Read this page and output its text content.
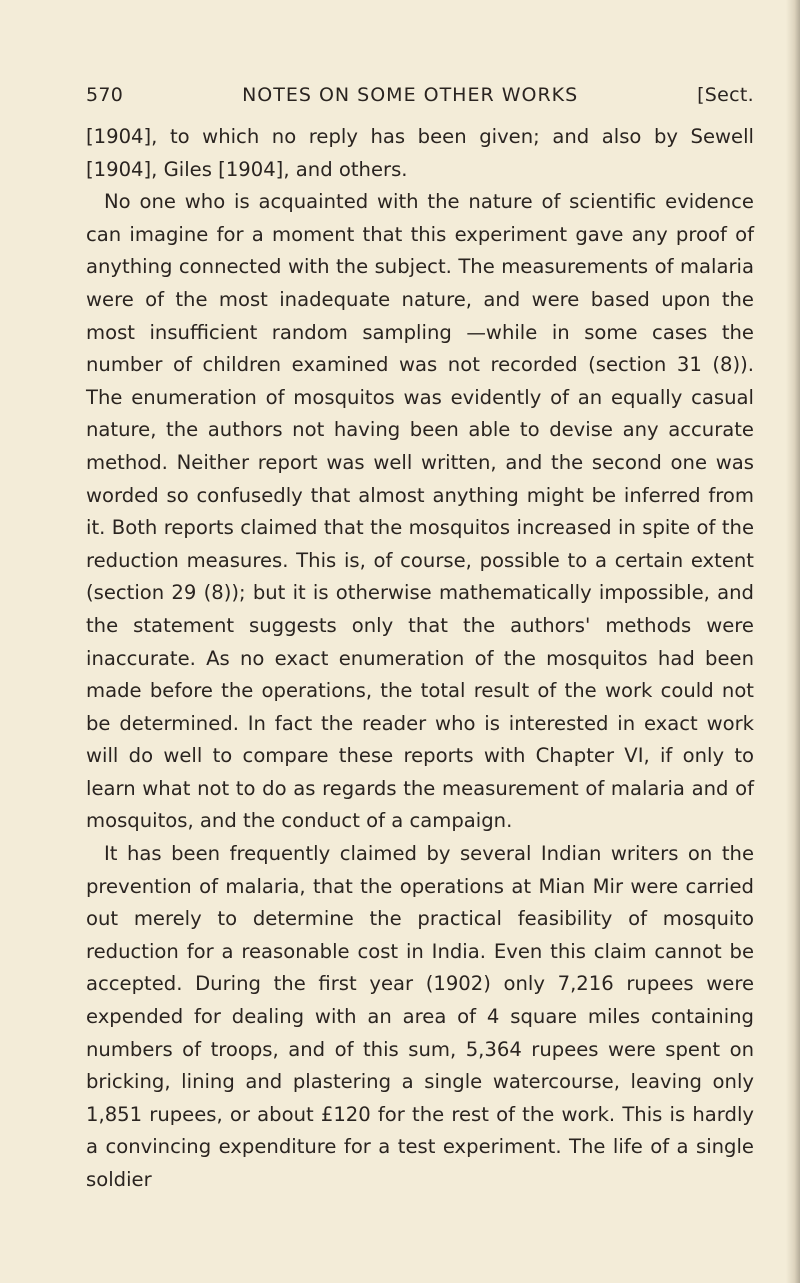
570	NOTES ON SOME OTHER WORKS	[Sect.

[1904], to which no reply has been given; and also by Sewell [1904], Giles [1904], and others.

No one who is acquainted with the nature of scientific evidence can imagine for a moment that this experiment gave any proof of anything connected with the subject. The measurements of malaria were of the most inadequate nature, and were based upon the most insufficient random sampling —while in some cases the number of children examined was not recorded (section 31 (8)). The enumeration of mosquitos was evidently of an equally casual nature, the authors not having been able to devise any accurate method. Neither report was well written, and the second one was worded so confusedly that almost anything might be inferred from it. Both reports claimed that the mosquitos increased in spite of the reduction measures. This is, of course, possible to a certain extent (section 29 (8)); but it is otherwise mathematically impossible, and the statement suggests only that the authors' methods were inaccurate. As no exact enumeration of the mosquitos had been made before the operations, the total result of the work could not be determined. In fact the reader who is interested in exact work will do well to compare these reports with Chapter VI, if only to learn what not to do as regards the measurement of malaria and of mosquitos, and the conduct of a campaign.

It has been frequently claimed by several Indian writers on the prevention of malaria, that the operations at Mian Mir were carried out merely to determine the practical feasibility of mosquito reduction for a reasonable cost in India. Even this claim cannot be accepted. During the first year (1902) only 7,216 rupees were expended for dealing with an area of 4 square miles containing numbers of troops, and of this sum, 5,364 rupees were spent on bricking, lining and plastering a single watercourse, leaving only 1,851 rupees, or about £120 for the rest of the work. This is hardly a convincing expenditure for a test experiment. The life of a single soldier
